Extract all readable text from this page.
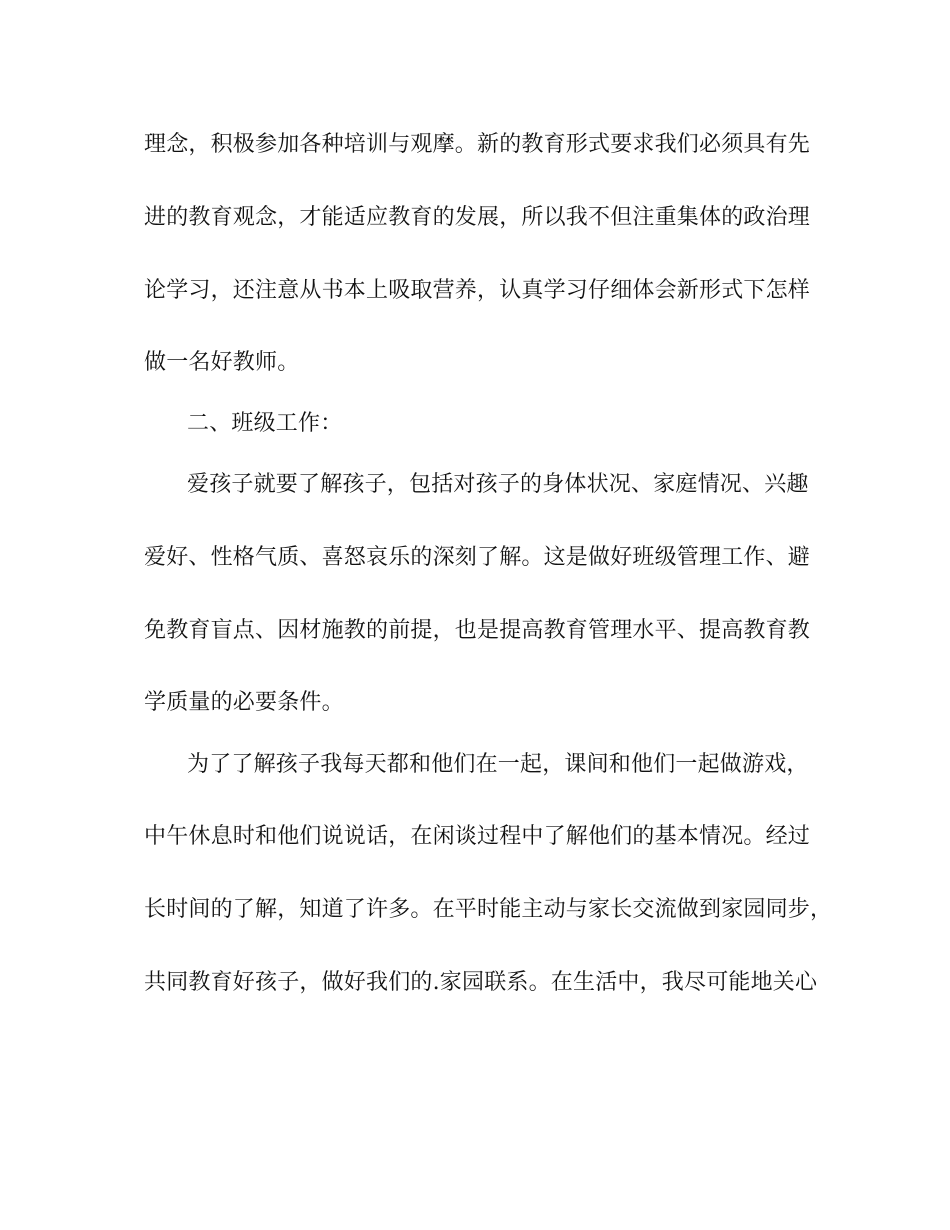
理念，积极参加各种培训与观摩。新的教育形式要求我们必须具有先
进的教育观念，才能适应教育的发展，所以我不但注重集体的政治理
论学习，还注意从书本上吸取营养，认真学习仔细体会新形式下怎样
做一名好教师。
二、班级工作：
爱孩子就要了解孩子，包括对孩子的身体状况、家庭情况、兴趣
爱好、性格气质、喜怒哀乐的深刻了解。这是做好班级管理工作、避
免教育盲点、因材施教的前提，也是提高教育管理水平、提高教育教
学质量的必要条件。
为了了解孩子我每天都和他们在一起，课间和他们一起做游戏，
中午休息时和他们说说话，在闲谈过程中了解他们的基本情况。经过
长时间的了解，知道了许多。在平时能主动与家长交流做到家园同步，
共同教育好孩子，做好我们的.家园联系。在生活中，我尽可能地关心
